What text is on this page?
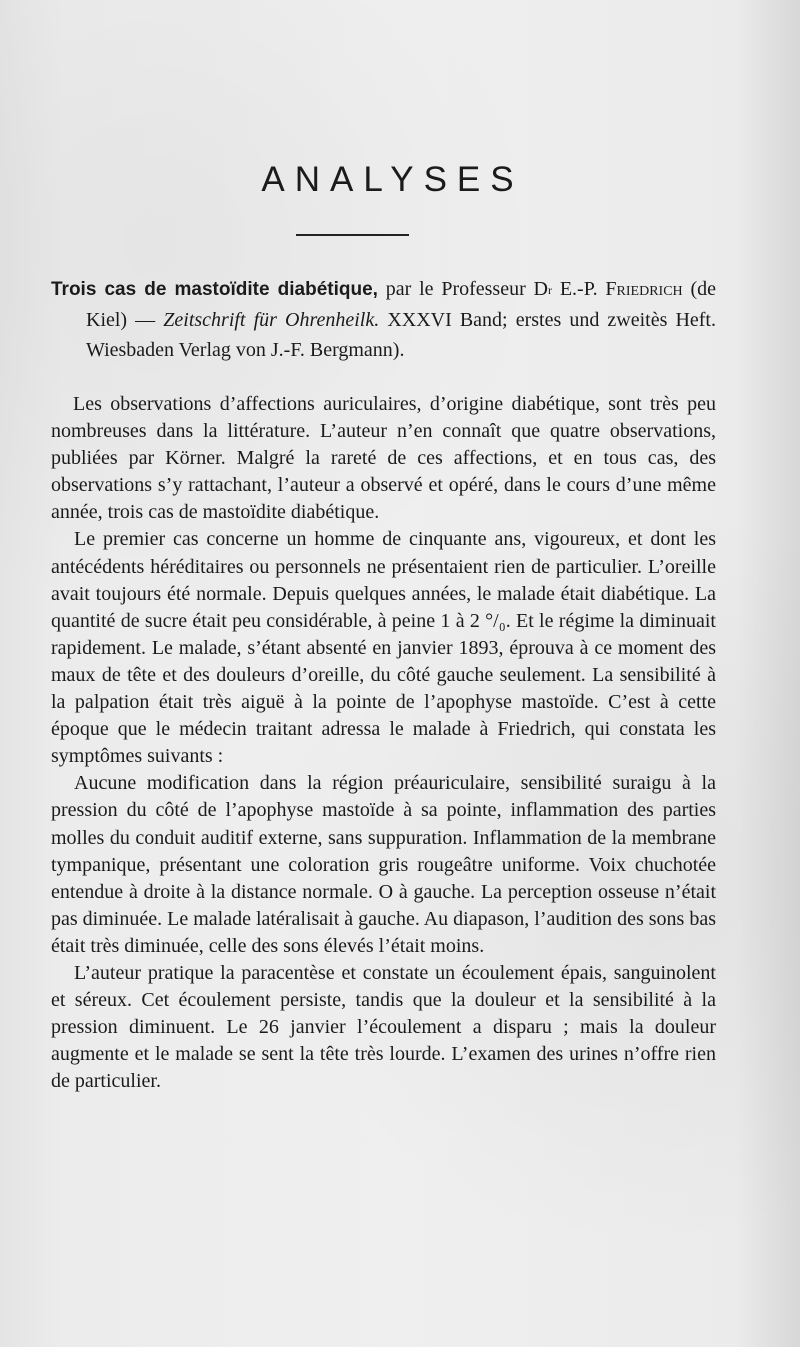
ANALYSES

Trois cas de mastoïdite diabétique, par le Professeur $D^r$ E.-P. Friedrich (de Kiel) — Zeitschrift für Ohrenheilk. XXXVI Band; erstes und zweitès Heft. Wiesbaden Verlag von J.-F. Bergmann).

Les observations d’affections auriculaires, d’origine diabétique, sont très peu nombreuses dans la littérature. L’auteur n’en connaît que quatre observations, publiées par Körner. Malgré la rareté de ces affections, et en tous cas, des observations s’y rattachant, l’auteur a observé et opéré, dans le cours d’une même année, trois cas de mastoïdite diabétique.

Le premier cas concerne un homme de cinquante ans, vigoureux, et dont les antécédents héréditaires ou personnels ne présentaient rien de particulier. L’oreille avait toujours été normale. Depuis quelques années, le malade était diabétique. La quantité de sucre était peu considérable, à peine 1 à 2 °/₀. Et le régime la diminuait rapidement. Le malade, s’étant absenté en janvier 1893, éprouva à ce moment des maux de tête et des douleurs d’oreille, du côté gauche seulement. La sensibilité à la palpation était très aiguë à la pointe de l’apophyse mastoïde. C’est à cette époque que le médecin traitant adressa le malade à Friedrich, qui constata les symptômes suivants :

Aucune modification dans la région préauriculaire, sensibilité suraigu à la pression du côté de l’apophyse mastoïde à sa pointe, inflammation des parties molles du conduit auditif externe, sans suppuration. Inflammation de la membrane tympanique, présentant une coloration gris rougeâtre uniforme. Voix chuchotée entendue à droite à la distance normale. O à gauche. La perception osseuse n’était pas diminuée. Le malade latéralisait à gauche. Au diapason, l’audition des sons bas était très diminuée, celle des sons élevés l’était moins.

L’auteur pratique la paracentèse et constate un écoulement épais, sanguinolent et séreux. Cet écoulement persiste, tandis que la douleur et la sensibilité à la pression diminuent. Le 26 janvier l’écoulement a disparu ; mais la douleur augmente et le malade se sent la tête très lourde. L’examen des urines n’offre rien de particulier.
